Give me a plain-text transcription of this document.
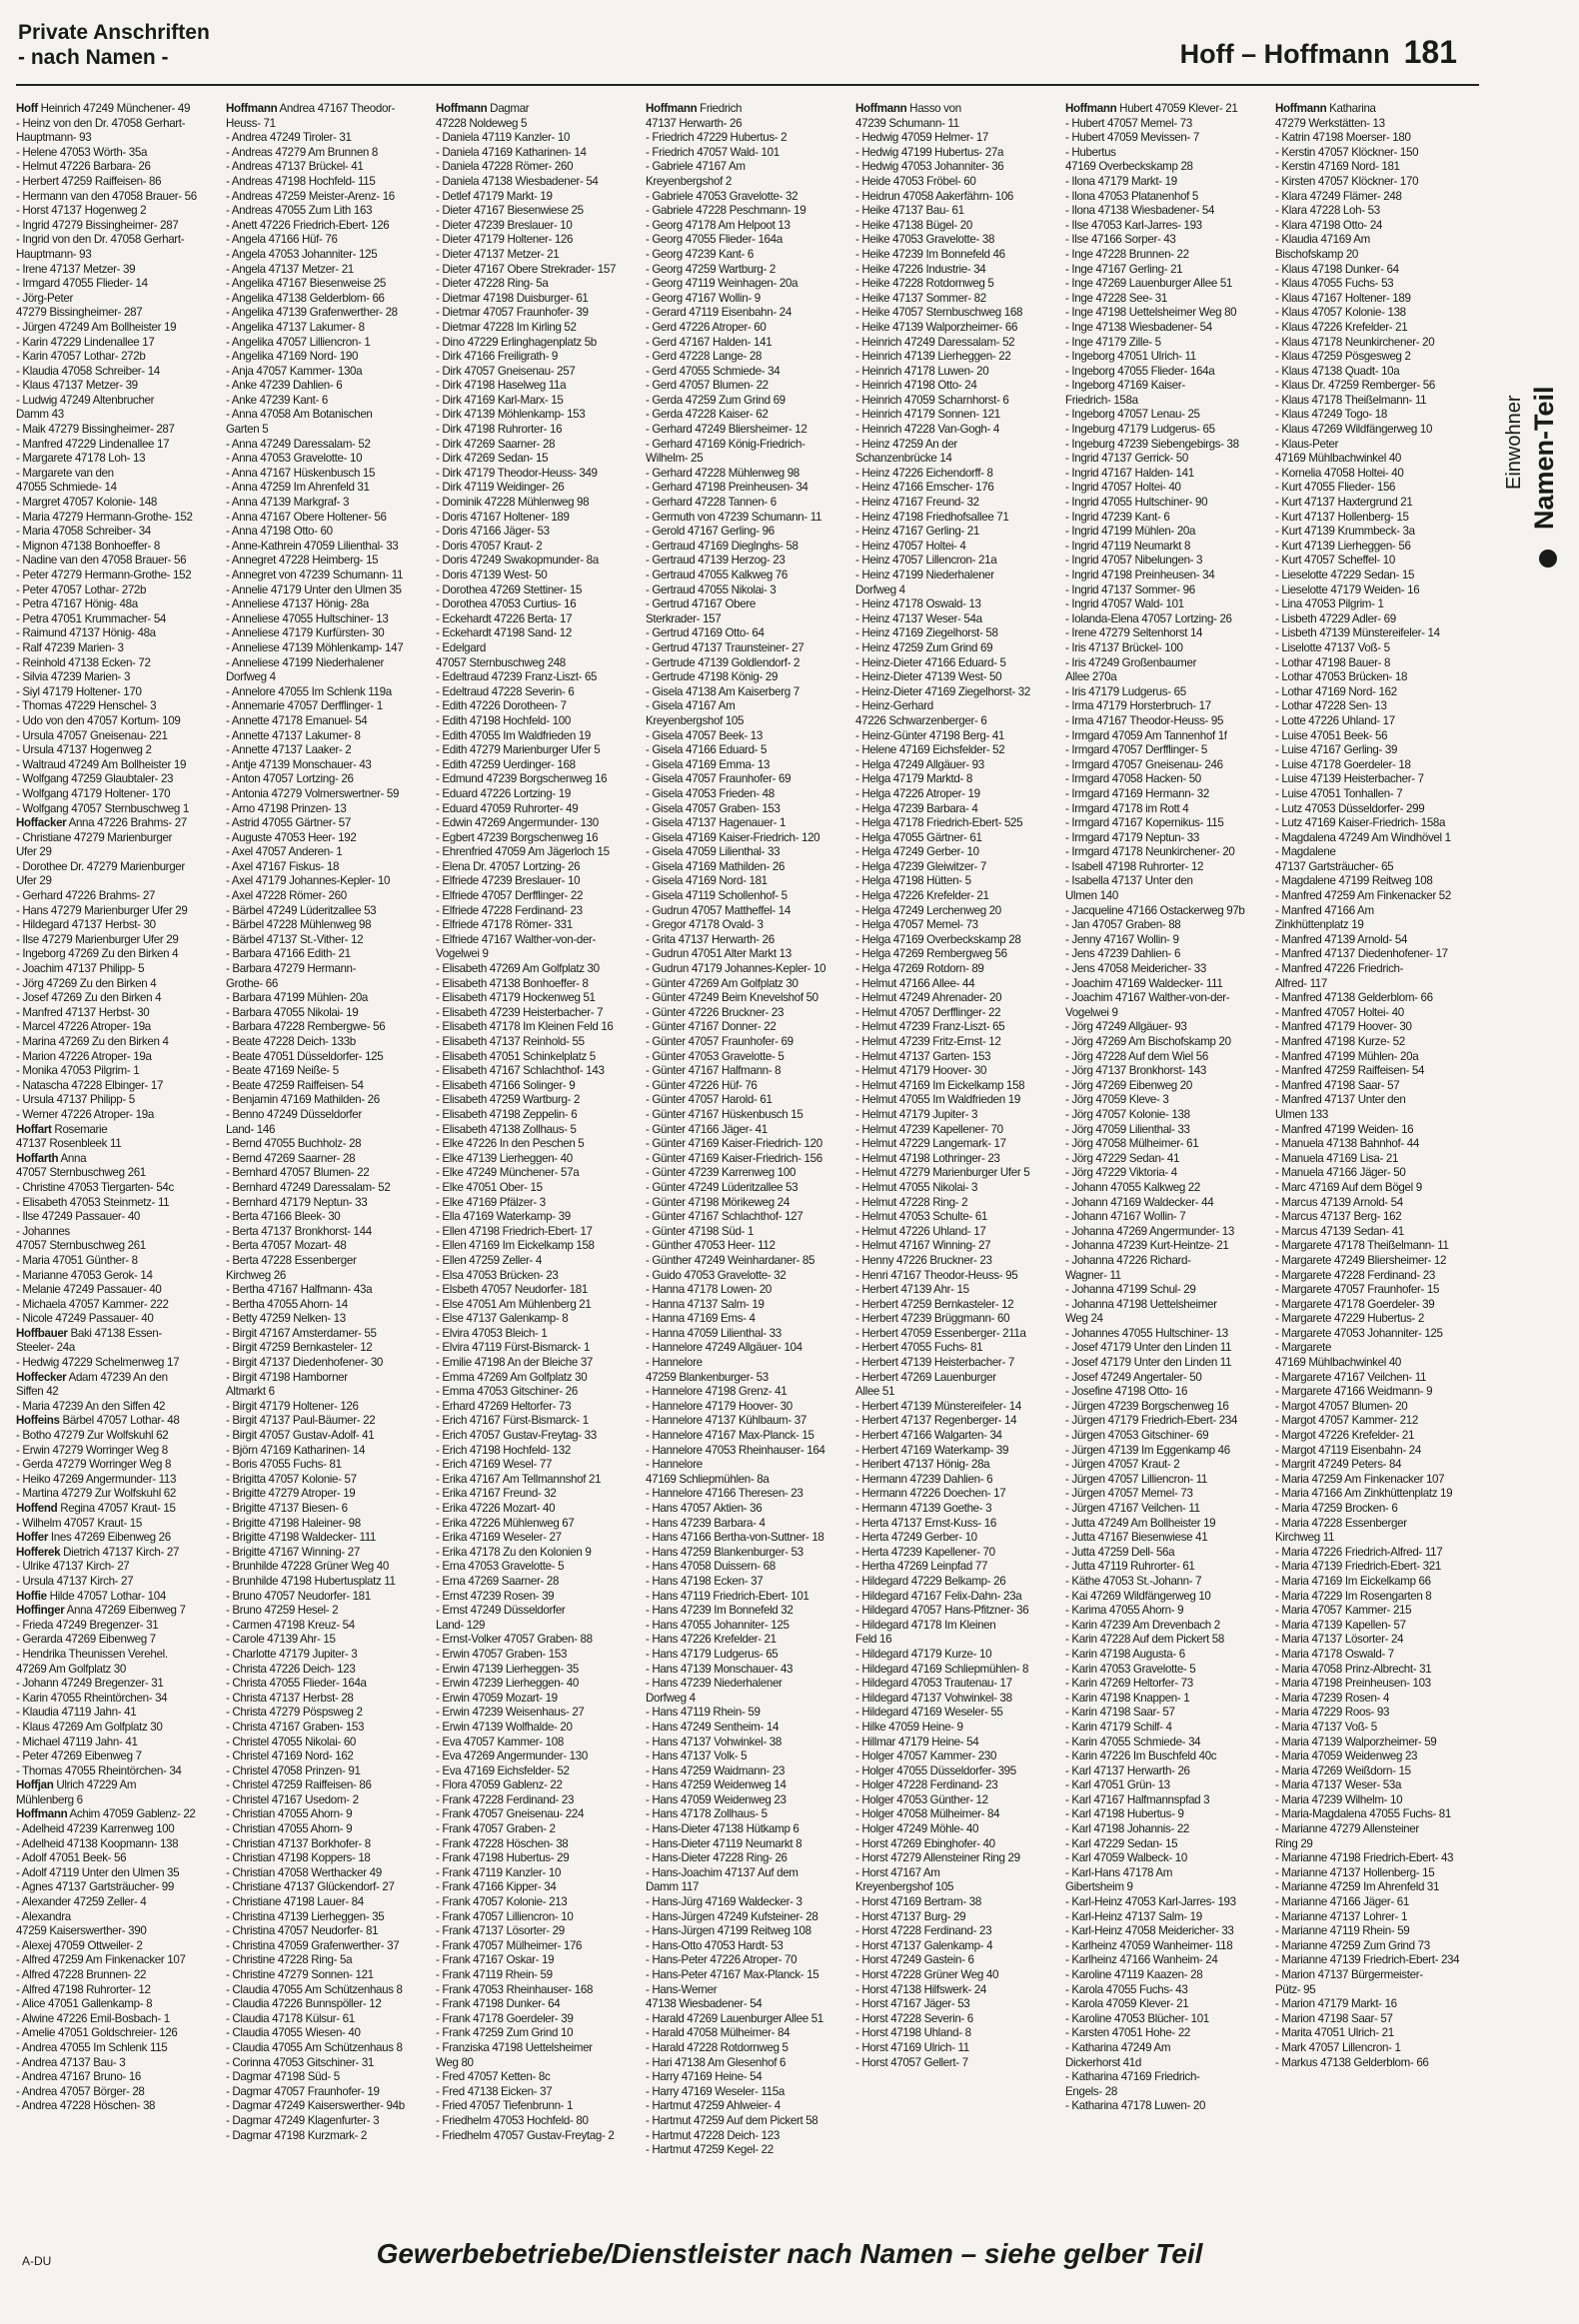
Private Anschriften
- nach Namen -	Hoff – Hoffmann 181
Hoff Heinrich 47249 Münchener- 49
- Heinz von den Dr. 47058 Gerhart-
Hauptmann- 93
- Helene 47053 Wörth- 35a
- Helmut 47226 Barbara- 26
- Herbert 47259 Raiffeisen- 86
- Hermann van den 47058 Brauer- 56
- Horst 47137 Hogenweg 2
- Ingrid 47279 Bissingheimer- 287
- Ingrid von den Dr. 47058 Gerhart-
Hauptmann- 93
- Irene 47137 Metzer- 39
- Irmgard 47055 Flieder- 14
- Jörg-Peter
47279 Bissingheimer- 287
- Jürgen 47249 Am Bollheister 19
- Karin 47229 Lindenallee 17
- Karin 47057 Lothar- 272b
- Klaudia 47058 Schreiber- 14
- Klaus 47137 Metzer- 39
- Ludwig 47249 Altenbrucher
Damm 43
- Maik 47279 Bissingheimer- 287
- Manfred 47229 Lindenallee 17
- Margarete 47178 Loh- 13
- Margarete van den
47055 Schmiede- 14
- Margret 47057 Kolonie- 148
- Maria 47279 Hermann-Grothe- 152
- Maria 47058 Schreiber- 34
- Mignon 47138 Bonhoeffer- 8
- Nadine van den 47058 Brauer- 56
- Peter 47279 Hermann-Grothe- 152
- Peter 47057 Lothar- 272b
- Petra 47167 Hönig- 48a
- Petra 47051 Krummacher- 54
- Raimund 47137 Hönig- 48a
- Ralf 47239 Marien- 3
- Reinhold 47138 Ecken- 72
- Silvia 47239 Marien- 3
- Siyl 47179 Holtener- 170
- Thomas 47229 Henschel- 3
- Udo von den 47057 Kortum- 109
- Ursula 47057 Gneisenau- 221
- Ursula 47137 Hogenweg 2
- Waltraud 47249 Am Bollheister 19
- Wolfgang 47259 Glaubtaler- 23
- Wolfgang 47179 Holtener- 170
- Wolfgang 47057 Sternbuschweg 1
Hoffacker Anna 47226 Brahms- 27
- Christiane 47279 Marienburger
Ufer 29
- Dorothee Dr. 47279 Marienburger
Ufer 29
- Gerhard 47226 Brahms- 27
- Hans 47279 Marienburger Ufer 29
- Hildegard 47137 Herbst- 30
- Ilse 47279 Marienburger Ufer 29
- Ingeborg 47269 Zu den Birken 4
- Joachim 47137 Philipp- 5
- Jörg 47269 Zu den Birken 4
- Josef 47269 Zu den Birken 4
- Manfred 47137 Herbst- 30
- Marcel 47226 Atroper- 19a
- Marina 47269 Zu den Birken 4
- Marion 47226 Atroper- 19a
- Monika 47053 Pilgrim- 1
- Natascha 47228 Elbinger- 17
- Ursula 47137 Philipp- 5
- Werner 47226 Atroper- 19a
Hoffart Rosemarie
47137 Rosenbleek 11
Hoffarth Anna
47057 Sternbuschweg 261
- Christine 47053 Tiergarten- 54c
- Elisabeth 47053 Steinmetz- 11
- Ilse 47249 Passauer- 40
- Johannes
47057 Sternbuschweg 261
- Maria 47051 Günther- 8
- Marianne 47053 Gerok- 14
- Melanie 47249 Passauer- 40
- Michaela 47057 Kammer- 222
- Nicole 47249 Passauer- 40
Hoffbauer Baki 47138 Essen-
Steeler- 24a
- Hedwig 47229 Schelmenweg 17
Hoffecker Adam 47239 An den
Siffen 42
- Maria 47239 An den Siffen 42
Hoffeins Bärbel 47057 Lothar- 48
- Botho 47279 Zur Wolfskuhl 62
- Erwin 47279 Worringer Weg 8
- Gerda 47279 Worringer Weg 8
- Heiko 47269 Angermunder- 113
- Martina 47279 Zur Wolfskuhl 62
Hoffend Regina 47057 Kraut- 15
- Wilhelm 47057 Kraut- 15
Hoffer Ines 47269 Eibenweg 26
Hofferek Dietrich 47137 Kirch- 27
- Ulrike 47137 Kirch- 27
- Ursula 47137 Kirch- 27
Hoffie Hilde 47057 Lothar- 104
Hoffinger Anna 47269 Eibenweg 7
- Frieda 47249 Bregenzer- 31
- Gerarda 47269 Eibenweg 7
- Hendrika Theunissen Verehel.
47269 Am Golfplatz 30
- Johann 47249 Bregenzer- 31
- Karin 47055 Rheintörchen- 34
- Klaudia 47119 Jahn- 41
- Klaus 47269 Am Golfplatz 30
- Michael 47119 Jahn- 41
- Peter 47269 Eibenweg 7
- Thomas 47055 Rheintörchen- 34
Hoffjan Ulrich 47229 Am
Mühlenberg 6
Hoffmann Achim 47059 Gablenz- 22
- Adelheid 47239 Karrenweg 100
- Adelheid 47138 Koopmann- 138
- Adolf 47051 Beek- 56
- Adolf 47119 Unter den Ulmen 35
- Agnes 47137 Gartsträucher- 99
- Alexander 47259 Zeller- 4
- Alexandra
47259 Kaiserswerther- 390
- Alexej 47059 Ottweiler- 2
- Alfred 47259 Am Finkenacker 107
- Alfred 47228 Brunnen- 22
- Alfred 47198 Ruhrorter- 12
- Alice 47051 Gallenkamp- 8
- Alwine 47226 Emil-Bosbach- 1
- Amelie 47051 Goldschreier- 126
- Andrea 47055 Im Schlenk 115
- Andrea 47137 Bau- 3
- Andrea 47167 Bruno- 16
- Andrea 47057 Börger- 28
- Andrea 47228 Höschen- 38
Hoffmann Andrea 47167 Theodor-
Heuss- 71
- Andrea 47249 Tiroler- 31
- Andreas 47279 Am Brunnen 8
- Andreas 47137 Brückel- 41
- Andreas 47198 Hochfeld- 115
- Andreas 47259 Meister-Arenz- 16
- Andreas 47055 Zum Lith 163
- Anett 47226 Friedrich-Ebert- 126
- Angela 47166 Hüf- 76
- Angela 47053 Johanniter- 125
- Angela 47137 Metzer- 21
- Angelika 47167 Biesenweise 25
- Angelika 47138 Gelderblom- 66
- Angelika 47139 Grafenwerther- 28
- Angelika 47137 Lakumer- 8
- Angelika 47057 Lilliencron- 1
- Angelika 47169 Nord- 190
- Anja 47057 Kammer- 130a
- Anke 47239 Dahlien- 6
- Anke 47239 Kant- 6
- Anna 47058 Am Botanischen
Garten 5
- Anna 47249 Daressalam- 52
- Anna 47053 Gravelotte- 10
- Anna 47167 Hüskenbusch 15
- Anna 47259 Im Ahrenfeld 31
- Anna 47139 Markgraf- 3
- Anna 47167 Obere Holtener- 56
- Anna 47198 Otto- 60
- Anne-Kathrein 47059 Lilienthal- 33
- Annegret 47228 Heimberg- 15
- Annegret von 47239 Schumann- 11
- Annelie 47179 Unter den Ulmen 35
- Anneliese 47137 Hönig- 28a
- Anneliese 47055 Hultschiner- 13
- Anneliese 47179 Kurfürsten- 30
- Anneliese 47139 Möhlenkamp- 147
- Anneliese 47199 Niederhalener
Dorfweg 4
- Annelore 47055 Im Schlenk 119a
- Annemarie 47057 Derfflinger- 1
- Annette 47178 Emanuel- 54
- Annette 47137 Lakumer- 8
- Annette 47137 Laaker- 2
- Antje 47139 Monschauer- 43
- Anton 47057 Lortzing- 26
- Antonia 47279 Volmerswertner- 59
- Arno 47198 Prinzen- 13
- Astrid 47055 Gärtner- 57
- Auguste 47053 Heer- 192
- Axel 47057 Anderen- 1
- Axel 47167 Fiskus- 18
- Axel 47179 Johannes-Kepler- 10
- Axel 47228 Römer- 260
- Bärbel 47249 Lüderitzallee 53
- Bärbel 47228 Mühlenweg 98
- Bärbel 47137 St.-Vither- 12
- Barbara 47166 Edith- 21
- Barbara 47279 Hermann-
Grothe- 66
- Barbara 47199 Mühlen- 20a
- Barbara 47055 Nikolai- 19
- Barbara 47228 Rembergwe- 56
- Beate 47228 Deich- 133b
- Beate 47051 Düsseldorfer- 125
- Beate 47169 Neiße- 5
- Beate 47259 Raiffeisen- 54
- Benjamin 47169 Mathilden- 26
- Benno 47249 Düsseldorfer
Land- 146
- Bernd 47055 Buchholz- 28
- Bernd 47269 Saarner- 28
- Bernhard 47057 Blumen- 22
- Bernhard 47249 Daressalam- 52
- Bernhard 47179 Neptun- 33
- Berta 47166 Bleek- 30
- Berta 47137 Bronkhorst- 144
- Berta 47057 Mozart- 48
- Berta 47228 Essenberger
Kirchweg 26
- Bertha 47167 Halfmann- 43a
- Bertha 47055 Ahorn- 14
- Betty 47259 Nelken- 13
- Birgit 47167 Amsterdamer- 55
- Birgit 47259 Bernkasteler- 12
- Birgit 47137 Diedenhofener- 30
- Birgit 47198 Hamborner
Altmarkt 6
- Birgit 47179 Holtener- 126
- Birgit 47137 Paul-Bäumer- 22
- Birgit 47057 Gustav-Adolf- 41
- Björn 47169 Katharinen- 14
- Boris 47055 Fuchs- 81
- Brigitta 47057 Kolonie- 57
- Brigitte 47279 Atroper- 19
- Brigitte 47137 Biesen- 6
- Brigitte 47198 Haleiner- 98
- Brigitte 47198 Waldecker- 111
- Brigitte 47167 Winning- 27
- Brunhilde 47228 Grüner Weg 40
- Brunhilde 47198 Hubertusplatz 11
- Bruno 47057 Neudorfer- 181
- Bruno 47259 Hesel- 2
- Carmen 47198 Kreuz- 54
- Carole 47139 Ahr- 15
- Charlotte 47179 Jupiter- 3
- Christa 47226 Deich- 123
- Christa 47055 Flieder- 164a
- Christa 47137 Herbst- 28
- Christa 47279 Pöspsweg 2
- Christa 47167 Graben- 153
- Christel 47055 Nikolai- 60
- Christel 47169 Nord- 162
- Christel 47058 Prinzen- 91
- Christel 47259 Raiffeisen- 86
- Christel 47167 Usedom- 2
- Christian 47055 Ahorn- 9
- Christian 47055 Ahorn- 9
- Christian 47137 Borkhofer- 8
- Christian 47198 Koppers- 18
- Christian 47058 Werthacker 49
- Christiane 47137 Glückendorf- 27
- Christiane 47198 Lauer- 84
- Christina 47139 Lierheggen- 35
- Christina 47057 Neudorfer- 81
- Christina 47059 Grafenwerther- 37
- Christine 47228 Ring- 5a
- Christine 47279 Sonnen- 121
- Claudia 47055 Am Schützenhaus 8
- Claudia 47226 Bunnspöller- 12
- Claudia 47178 Külsur- 61
- Claudia 47055 Wiesen- 40
- Claudia 47055 Am Schützenhaus 8
- Corinna 47053 Gitschiner- 31
- Dagmar 47198 Süd- 5
- Dagmar 47057 Fraunhofer- 19
- Dagmar 47249 Kaiserswerther- 94b
- Dagmar 47249 Klagenfurter- 3
- Dagmar 47198 Kurzmark- 2
Hoffmann Dagmar
47228 Noldeweg 5
- Daniela 47119 Kanzler- 10
- Daniela 47169 Katharinen- 14
- Daniela 47228 Römer- 260
- Daniela 47138 Wiesbadener- 54
- Detlef 47179 Markt- 19
- Dieter 47167 Biesenwiese 25
- Dieter 47239 Breslauer- 10
- Dieter 47179 Holtener- 126
- Dieter 47137 Metzer- 21
- Dieter 47167 Obere Strekrader- 157
- Dieter 47228 Ring- 5a
- Dietmar 47198 Duisburger- 61
- Dietmar 47057 Fraunhofer- 39
- Dietmar 47228 Im Kirling 52
- Dino 47229 Erlinghagenplatz 5b
- Dirk 47166 Freiligrath- 9
- Dirk 47057 Gneisenau- 257
- Dirk 47198 Haselweg 11a
- Dirk 47169 Karl-Marx- 15
- Dirk 47139 Möhlenkamp- 153
- Dirk 47198 Ruhrorter- 16
- Dirk 47269 Saarner- 28
- Dirk 47269 Sedan- 15
- Dirk 47179 Theodor-Heuss- 349
- Dirk 47119 Weidinger- 26
- Dominik 47228 Mühlenweg 98
- Doris 47167 Holtener- 189
- Doris 47166 Jäger- 53
- Doris 47057 Kraut- 2
- Doris 47249 Swakopmunder- 8a
- Doris 47139 West- 50
- Dorothea 47269 Stettiner- 15
- Dorothea 47053 Curtius- 16
- Eckehardt 47226 Berta- 17
- Eckehardt 47198 Sand- 12
- Edelgard
47057 Sternbuschweg 248
- Edeltraud 47239 Franz-Liszt- 65
- Edeltraud 47228 Severin- 6
- Edith 47226 Dorotheen- 7
- Edith 47198 Hochfeld- 100
- Edith 47055 Im Waldfrieden 19
- Edith 47279 Marienburger Ufer 5
- Edith 47259 Uerdinger- 168
- Edmund 47239 Borgschenweg 16
- Eduard 47226 Lortzing- 19
- Eduard 47059 Ruhrorter- 49
- Edwin 47269 Angermunder- 130
- Egbert 47239 Borgschenweg 16
- Ehrenfried 47059 Am Jägerloch 15
- Elena Dr. 47057 Lortzing- 26
- Elfriede 47239 Breslauer- 10
- Elfriede 47057 Derfflinger- 22
- Elfriede 47228 Ferdinand- 23
- Elfriede 47178 Römer- 331
- Elfriede 47167 Walther-von-der-
Vogelwei 9
- Elisabeth 47269 Am Golfplatz 30
- Elisabeth 47138 Bonhoeffer- 8
- Elisabeth 47179 Hockenweg 51
- Elisabeth 47239 Heisterbacher- 7
- Elisabeth 47178 Im Kleinen Feld 16
- Elisabeth 47137 Reinhold- 55
- Elisabeth 47051 Schinkelplatz 5
- Elisabeth 47167 Schlachthof- 143
- Elisabeth 47166 Solinger- 9
- Elisabeth 47259 Wartburg- 2
- Elisabeth 47198 Zeppelin- 6
- Elisabeth 47138 Zollhaus- 5
- Elke 47226 In den Peschen 5
- Elke 47139 Lierheggen- 40
- Elke 47249 Münchener- 57a
- Elke 47051 Ober- 15
- Elke 47169 Pfälzer- 3
- Ella 47169 Waterkamp- 39
- Ellen 47198 Friedrich-Ebert- 17
- Ellen 47169 Im Eickelkamp 158
- Ellen 47259 Zeller- 4
- Elsa 47053 Brücken- 23
- Elsbeth 47057 Neudorfer- 181
- Else 47051 Am Mühlenberg 21
- Else 47137 Galenkamp- 8
- Elvira 47053 Bleich- 1
- Elvira 47119 Fürst-Bismarck- 1
- Emilie 47198 An der Bleiche 37
- Emma 47269 Am Golfplatz 30
- Emma 47053 Gitschiner- 26
- Erhard 47269 Heltorfer- 73
- Erich 47167 Fürst-Bismarck- 1
- Erich 47057 Gustav-Freytag- 33
- Erich 47198 Hochfeld- 132
- Erich 47169 Wesel- 77
- Erika 47167 Am Tellmannshof 21
- Erika 47167 Freund- 32
- Erika 47226 Mozart- 40
- Erika 47226 Mühlenweg 67
- Erika 47169 Weseler- 27
- Erika 47178 Zu den Kolonien 9
- Erna 47053 Gravelotte- 5
- Erna 47269 Saarner- 28
- Ernst 47239 Rosen- 39
- Ernst 47249 Düsseldorfer
Land- 129
- Ernst-Volker 47057 Graben- 88
- Erwin 47057 Graben- 153
- Erwin 47139 Lierheggen- 35
- Erwin 47239 Lierheggen- 40
- Erwin 47059 Mozart- 19
- Erwin 47239 Weisenhaus- 27
- Erwin 47139 Wolfhalde- 20
- Eva 47057 Kammer- 108
- Eva 47269 Angermunder- 130
- Eva 47169 Eichsfelder- 52
- Flora 47059 Gablenz- 22
- Frank 47228 Ferdinand- 23
- Frank 47057 Gneisenau- 224
- Frank 47057 Graben- 2
- Frank 47228 Höschen- 38
- Frank 47198 Hubertus- 29
- Frank 47119 Kanzler- 10
- Frank 47166 Kipper- 34
- Frank 47057 Kolonie- 213
- Frank 47057 Lilliencron- 10
- Frank 47137 Lösorter- 29
- Frank 47057 Mülheimer- 176
- Frank 47167 Oskar- 19
- Frank 47119 Rhein- 59
- Frank 47053 Rheinhauser- 168
- Frank 47198 Dunker- 64
- Frank 47178 Goerdeler- 39
- Frank 47259 Zum Grind 10
- Franziska 47198 Uettelsheimer
Weg 80
- Fred 47057 Ketten- 8c
- Fred 47138 Eicken- 37
- Fried 47057 Tiefenbrunn- 1
- Friedhelm 47053 Hochfeld- 80
- Friedhelm 47057 Gustav-Freytag- 2
Hoffmann Friedrich
47137 Herwarth- 26
- Friedrich 47229 Hubertus- 2
- Friedrich 47057 Wald- 101
- Gabriele 47167 Am
Kreyenbergshof 2
- Gabriele 47053 Gravelotte- 32
- Gabriele 47228 Peschmann- 19
- Georg 47178 Am Helpoot 13
- Georg 47055 Flieder- 164a
- Georg 47239 Kant- 6
- Georg 47259 Wartburg- 2
- Georg 47119 Weinhagen- 20a
- Georg 47167 Wollin- 9
- Gerard 47119 Eisenbahn- 24
- Gerd 47226 Atroper- 60
- Gerd 47167 Halden- 141
- Gerd 47228 Lange- 28
- Gerd 47055 Schmiede- 34
- Gerd 47057 Blumen- 22
- Gerda 47259 Zum Grind 69
- Gerda 47228 Kaiser- 62
- Gerhard 47249 Bliersheimer- 12
- Gerhard 47169 König-Friedrich-
Wilhelm- 25
- Gerhard 47228 Mühlenweg 98
- Gerhard 47198 Preinheusen- 34
- Gerhard 47228 Tannen- 6
- Germuth von 47239 Schumann- 11
- Gerold 47167 Gerling- 96
- Gertraud 47169 Dieglnghs- 58
- Gertraud 47139 Herzog- 23
- Gertraud 47055 Kalkweg 76
- Gertraud 47055 Nikolai- 3
- Gertrud 47167 Obere
Sterkrader- 157
- Gertrud 47169 Otto- 64
- Gertrud 47137 Traunsteiner- 27
- Gertrude 47139 Goldlendorf- 2
- Gertrude 47198 König- 29
- Gisela 47138 Am Kaiserberg 7
- Gisela 47167 Am
Kreyenbergshof 105
- Gisela 47057 Beek- 13
- Gisela 47166 Eduard- 5
- Gisela 47169 Emma- 13
- Gisela 47057 Fraunhofer- 69
- Gisela 47053 Frieden- 48
- Gisela 47057 Graben- 153
- Gisela 47137 Hagenauer- 1
- Gisela 47169 Kaiser-Friedrich- 120
- Gisela 47059 Lilienthal- 33
- Gisela 47169 Mathilden- 26
- Gisela 47169 Nord- 181
- Gisela 47119 Schollenhof- 5
- Gudrun 47057 Mattheffel- 14
- Gregor 47178 Ovald- 3
- Grita 47137 Herwarth- 26
- Gudrun 47051 Alter Markt 13
- Gudrun 47179 Johannes-Kepler- 10
- Günter 47269 Am Golfplatz 30
- Günter 47249 Beim Knevelshof 50
- Günter 47226 Bruckner- 23
- Günter 47167 Donner- 22
- Günter 47057 Fraunhofer- 69
- Günter 47053 Gravelotte- 5
- Günter 47167 Halfmann- 8
- Günter 47226 Hüf- 76
- Günter 47057 Harold- 61
- Günter 47167 Hüskenbusch 15
- Günter 47166 Jäger- 41
- Günter 47169 Kaiser-Friedrich- 120
- Günter 47169 Kaiser-Friedrich- 156
- Günter 47239 Karrenweg 100
- Günter 47249 Lüderitzallee 53
- Günter 47198 Mörikeweg 24
- Günter 47167 Schlachthof- 127
- Günter 47198 Süd- 1
- Günther 47053 Heer- 112
- Günther 47249 Weinhardaner- 85
- Guido 47053 Gravelotte- 32
- Hanna 47178 Lowen- 20
- Hanna 47137 Salm- 19
- Hanna 47169 Ems- 4
- Hanna 47059 Lilienthal- 33
- Hannelore 47249 Allgäuer- 104
- Hannelore
47259 Blankenburger- 53
- Hannelore 47198 Grenz- 41
- Hannelore 47179 Hoover- 30
- Hannelore 47137 Kühlbaum- 37
- Hannelore 47167 Max-Planck- 15
- Hannelore 47053 Rheinhauser- 164
- Hannelore
47169 Schliepmühlen- 8a
- Hannelore 47166 Theresen- 23
- Hans 47057 Aktien- 36
- Hans 47239 Barbara- 4
- Hans 47166 Bertha-von-Suttner- 18
- Hans 47259 Blankenburger- 53
- Hans 47058 Duissern- 68
- Hans 47198 Ecken- 37
- Hans 47119 Friedrich-Ebert- 101
- Hans 47239 Im Bonnefeld 32
- Hans 47055 Johanniter- 125
- Hans 47226 Krefelder- 21
- Hans 47179 Ludgerus- 65
- Hans 47139 Monschauer- 43
- Hans 47239 Niederhalener
Dorfweg 4
- Hans 47119 Rhein- 59
- Hans 47249 Sentheim- 14
- Hans 47137 Vohwinkel- 38
- Hans 47137 Volk- 5
- Hans 47259 Waidmann- 23
- Hans 47259 Weidenweg 14
- Hans 47059 Weidenweg 23
- Hans 47178 Zollhaus- 5
- Hans-Dieter 47138 Hütkamp 6
- Hans-Dieter 47119 Neumarkt 8
- Hans-Dieter 47228 Ring- 26
- Hans-Joachim 47137 Auf dem
Damm 117
- Hans-Jürg 47169 Waldecker- 3
- Hans-Jürgen 47249 Kufsteiner- 28
- Hans-Jürgen 47199 Reitweg 108
- Hans-Otto 47053 Hardt- 53
- Hans-Peter 47226 Atroper- 70
- Hans-Peter 47167 Max-Planck- 15
- Hans-Werner
47138 Wiesbadener- 54
- Harald 47269 Lauenburger Allee 51
- Harald 47058 Mülheimer- 84
- Harald 47228 Rotdornweg 5
- Hari 47138 Am Glesenhof 6
- Harry 47169 Heine- 54
- Harry 47169 Weseler- 115a
- Hartmut 47259 Ahlweier- 4
- Hartmut 47259 Auf dem Pickert 58
- Hartmut 47228 Deich- 123
- Hartmut 47259 Kegel- 22
Hoffmann Hasso von
47239 Schumann- 11
- Hedwig 47059 Helmer- 17
- Hedwig 47199 Hubertus- 27a
- Hedwig 47053 Johanniter- 36
- Heide 47053 Fröbel- 60
- Heidrun 47058 Aakerfährn- 106
- Heike 47137 Bau- 61
- Heike 47138 Bügel- 20
- Heike 47053 Gravelotte- 38
- Heike 47239 Im Bonnefeld 46
- Heike 47226 Industrie- 34
- Heike 47228 Rotdornweg 5
- Heike 47137 Sommer- 82
- Heike 47057 Sternbuschweg 168
- Heike 47139 Walporzheimer- 66
- Heinrich 47249 Daressalam- 52
- Heinrich 47139 Lierheggen- 22
- Heinrich 47178 Luwen- 20
- Heinrich 47198 Otto- 24
- Heinrich 47059 Scharnhorst- 6
- Heinrich 47179 Sonnen- 121
- Heinrich 47228 Van-Gogh- 4
- Heinz 47259 An der
Schanzenbrücke 14
- Heinz 47226 Eichendorff- 8
- Heinz 47166 Emscher- 176
- Heinz 47167 Freund- 32
- Heinz 47198 Friedhofsallee 71
- Heinz 47167 Gerling- 21
- Heinz 47057 Holtei- 4
- Heinz 47057 Lillencron- 21a
- Heinz 47199 Niederhalener
Dorfweg 4
- Heinz 47178 Oswald- 13
- Heinz 47137 Weser- 54a
- Heinz 47169 Ziegelhorst- 58
- Heinz 47259 Zum Grind 69
- Heinz-Dieter 47166 Eduard- 5
- Heinz-Dieter 47139 West- 50
- Heinz-Dieter 47169 Ziegelhorst- 32
- Heinz-Gerhard
47226 Schwarzenberger- 6
- Heinz-Günter 47198 Berg- 41
- Helene 47169 Eichsfelder- 52
- Helga 47249 Allgäuer- 93
- Helga 47179 Marktd- 8
- Helga 47226 Atroper- 19
- Helga 47239 Barbara- 4
- Helga 47178 Friedrich-Ebert- 525
- Helga 47055 Gärtner- 61
- Helga 47249 Gerber- 10
- Helga 47239 Gleiwitzer- 7
- Helga 47198 Hütten- 5
- Helga 47226 Krefelder- 21
- Helga 47249 Lerchenweg 20
- Helga 47057 Memel- 73
- Helga 47169 Overbeckskamp 28
- Helga 47269 Rembergweg 56
- Helga 47269 Rotdorn- 89
- Helmut 47166 Allee- 44
- Helmut 47249 Ahrenader- 20
- Helmut 47057 Derfflinger- 22
- Helmut 47239 Franz-Liszt- 65
- Helmut 47239 Fritz-Ernst- 12
- Helmut 47137 Garten- 153
- Helmut 47179 Hoover- 30
- Helmut 47169 Im Eickelkamp 158
- Helmut 47055 Im Waldfrieden 19
- Helmut 47179 Jupiter- 3
- Helmut 47239 Kapellener- 70
- Helmut 47229 Langemark- 17
- Helmut 47198 Lothringer- 23
- Helmut 47279 Marienburger Ufer 5
- Helmut 47055 Nikolai- 3
- Helmut 47228 Ring- 2
- Helmut 47053 Schulte- 61
- Helmut 47226 Uhland- 17
- Helmut 47167 Winning- 27
- Henny 47226 Bruckner- 23
- Henri 47167 Theodor-Heuss- 95
- Herbert 47139 Ahr- 15
- Herbert 47259 Bernkasteler- 12
- Herbert 47239 Brüggmann- 60
- Herbert 47059 Essenberger- 211a
- Herbert 47055 Fuchs- 81
- Herbert 47139 Heisterbacher- 7
- Herbert 47269 Lauenburger
Allee 51
- Herbert 47139 Münstereifeler- 14
- Herbert 47137 Regenberger- 14
- Herbert 47166 Walgarten- 34
- Herbert 47169 Waterkamp- 39
- Heribert 47137 Hönig- 28a
- Hermann 47239 Dahlien- 6
- Hermann 47226 Doechen- 17
- Hermann 47139 Goethe- 3
- Herta 47137 Ernst-Kuss- 16
- Herta 47249 Gerber- 10
- Herta 47239 Kapellener- 70
- Hertha 47269 Leinpfad 77
- Hildegard 47229 Belkamp- 26
- Hildegard 47167 Felix-Dahn- 23a
- Hildegard 47057 Hans-Pfitzner- 36
- Hildegard 47178 Im Kleinen
Feld 16
- Hildegard 47179 Kurze- 10
- Hildegard 47169 Schliepmühlen- 8
- Hildegard 47053 Trautenau- 17
- Hildegard 47137 Vohwinkel- 38
- Hildegard 47169 Weseler- 55
- Hilke 47059 Heine- 9
- Hillmar 47179 Heine- 54
- Holger 47057 Kammer- 230
- Holger 47055 Düsseldorfer- 395
- Holger 47228 Ferdinand- 23
- Holger 47053 Günther- 12
- Holger 47058 Mülheimer- 84
- Holger 47249 Möhle- 40
- Horst 47269 Ebinghofer- 40
- Horst 47279 Allensteiner Ring 29
- Horst 47167 Am
Kreyenbergshof 105
- Horst 47169 Bertram- 38
- Horst 47137 Burg- 29
- Horst 47228 Ferdinand- 23
- Horst 47137 Galenkamp- 4
- Horst 47249 Gastein- 6
- Horst 47228 Grüner Weg 40
- Horst 47138 Hilfswerk- 24
- Horst 47167 Jäger- 53
- Horst 47228 Severin- 6
- Horst 47198 Uhland- 8
- Horst 47169 Ulrich- 11
- Horst 47057 Gellert- 7
Hoffmann Hubert 47059 Klever- 21
- Hubert 47057 Memel- 73
- Hubert 47059 Mevissen- 7
- Hubertus
47169 Overbeckskamp 28
- Ilona 47179 Markt- 19
- Ilona 47053 Platanenhof 5
- Ilona 47138 Wiesbadener- 54
- Ilse 47053 Karl-Jarres- 193
- Ilse 47166 Sorper- 43
- Inge 47228 Brunnen- 22
- Inge 47167 Gerling- 21
- Inge 47269 Lauenburger Allee 51
- Inge 47228 See- 31
- Inge 47198 Uettelsheimer Weg 80
- Inge 47138 Wiesbadener- 54
- Inge 47179 Zille- 5
- Ingeborg 47051 Ulrich- 11
- Ingeborg 47055 Flieder- 164a
- Ingeborg 47169 Kaiser-
Friedrich- 158a
- Ingeborg 47057 Lenau- 25
- Ingeburg 47179 Ludgerus- 65
- Ingeburg 47239 Siebengebirgs- 38
- Ingrid 47137 Gerrick- 50
- Ingrid 47167 Halden- 141
- Ingrid 47057 Holtei- 40
- Ingrid 47055 Hultschiner- 90
- Ingrid 47239 Kant- 6
- Ingrid 47199 Mühlen- 20a
- Ingrid 47119 Neumarkt 8
- Ingrid 47057 Nibelungen- 3
- Ingrid 47198 Preinheusen- 34
- Ingrid 47137 Sommer- 96
- Ingrid 47057 Wald- 101
- Iolanda-Elena 47057 Lortzing- 26
- Irene 47279 Seltenhorst 14
- Iris 47137 Brückel- 100
- Iris 47249 Großenbaumer
Allee 270a
- Iris 47179 Ludgerus- 65
- Irma 47179 Horsterbruch- 17
- Irma 47167 Theodor-Heuss- 95
- Irmgard 47059 Am Tannenhof 1f
- Irmgard 47057 Derfflinger- 5
- Irmgard 47057 Gneisenau- 246
- Irmgard 47058 Hacken- 50
- Irmgard 47169 Hermann- 32
- Irmgard 47178 im Rott 4
- Irmgard 47167 Kopernikus- 115
- Irmgard 47179 Neptun- 33
- Irmgard 47178 Neunkirchener- 20
- Isabell 47198 Ruhrorter- 12
- Isabella 47137 Unter den
Ulmen 140
- Jacqueline 47166 Ostackerweg 97b
- Jan 47057 Graben- 88
- Jenny 47167 Wollin- 9
- Jens 47239 Dahlien- 6
- Jens 47058 Meidericher- 33
- Joachim 47169 Waldecker- 111
- Joachim 47167 Walther-von-der-
Vogelwei 9
- Jörg 47249 Allgäuer- 93
- Jörg 47269 Am Bischofskamp 20
- Jörg 47228 Auf dem Wiel 56
- Jörg 47137 Bronkhorst- 143
- Jörg 47269 Eibenweg 20
- Jörg 47059 Kleve- 3
- Jörg 47057 Kolonie- 138
- Jörg 47059 Lilienthal- 33
- Jörg 47058 Mülheimer- 61
- Jörg 47229 Sedan- 41
- Jörg 47229 Viktoria- 4
- Johann 47055 Kalkweg 22
- Johann 47169 Waldecker- 44
- Johann 47167 Wollin- 7
- Johanna 47269 Angermunder- 13
- Johanna 47239 Kurt-Heintze- 21
- Johanna 47226 Richard-
Wagner- 11
- Johanna 47199 Schul- 29
- Johanna 47198 Uettelsheimer
Weg 24
- Johannes 47055 Hultschiner- 13
- Josef 47179 Unter den Linden 11
- Josef 47179 Unter den Linden 11
- Josef 47249 Angertaler- 50
- Josefine 47198 Otto- 16
- Jürgen 47239 Borgschenweg 16
- Jürgen 47179 Friedrich-Ebert- 234
- Jürgen 47053 Gitschiner- 69
- Jürgen 47139 Im Eggenkamp 46
- Jürgen 47057 Kraut- 2
- Jürgen 47057 Lilliencron- 11
- Jürgen 47057 Memel- 73
- Jürgen 47167 Veilchen- 11
- Jutta 47249 Am Bollheister 19
- Jutta 47167 Biesenwiese 41
- Jutta 47259 Dell- 56a
- Jutta 47119 Ruhrorter- 61
- Käthe 47053 St.-Johann- 7
- Kai 47269 Wildfängerweg 10
- Karima 47055 Ahorn- 9
- Karin 47239 Am Drevenbach 2
- Karin 47228 Auf dem Pickert 58
- Karin 47198 Augusta- 6
- Karin 47053 Gravelotte- 5
- Karin 47269 Heltorfer- 73
- Karin 47198 Knappen- 1
- Karin 47198 Saar- 57
- Karin 47179 Schilf- 4
- Karin 47055 Schmiede- 34
- Karin 47226 Im Buschfeld 40c
- Karl 47137 Herwarth- 26
- Karl 47051 Grün- 13
- Karl 47167 Halfmannspfad 3
- Karl 47198 Hubertus- 9
- Karl 47198 Johannis- 22
- Karl 47229 Sedan- 15
- Karl 47059 Walbeck- 10
- Karl-Hans 47178 Am
Gibertsheim 9
- Karl-Heinz 47053 Karl-Jarres- 193
- Karl-Heinz 47137 Salm- 19
- Karl-Heinz 47058 Meidericher- 33
- Karlheinz 47059 Wanheimer- 118
- Karlheinz 47166 Wanheim- 24
- Karoline 47119 Kaazen- 28
- Karola 47055 Fuchs- 43
- Karola 47059 Klever- 21
- Karoline 47053 Blücher- 101
- Karsten 47051 Hohe- 22
- Katharina 47249 Am
Dickerhorst 41d
- Katharina 47169 Friedrich-
Engels- 28
- Katharina 47178 Luwen- 20
Hoffmann Katharina
47279 Werkstätten- 13
- Katrin 47198 Moerser- 180
- Kerstin 47057 Klöckner- 150
- Kerstin 47169 Nord- 181
- Kirsten 47057 Klöckner- 170
- Klara 47249 Flämer- 248
- Klara 47228 Loh- 53
- Klara 47198 Otto- 24
- Klaudia 47169 Am
Bischofskamp 20
- Klaus 47198 Dunker- 64
- Klaus 47055 Fuchs- 53
- Klaus 47167 Holtener- 189
- Klaus 47057 Kolonie- 138
- Klaus 47226 Krefelder- 21
- Klaus 47178 Neunkirchener- 20
- Klaus 47259 Pösgesweg 2
- Klaus 47138 Quadt- 10a
- Klaus Dr. 47259 Remberger- 56
- Klaus 47178 Theißelmann- 11
- Klaus 47249 Togo- 18
- Klaus 47269 Wildfängerweg 10
- Klaus-Peter
47169 Mühlbachwinkel 40
- Kornelia 47058 Holtei- 40
- Kurt 47055 Flieder- 156
- Kurt 47137 Haxtergrund 21
- Kurt 47137 Hollenberg- 15
- Kurt 47139 Krummbeck- 3a
- Kurt 47139 Lierheggen- 56
- Kurt 47057 Scheffel- 10
- Lieselotte 47229 Sedan- 15
- Lieselotte 47179 Weiden- 16
- Lina 47053 Pilgrim- 1
- Lisbeth 47229 Adler- 69
- Lisbeth 47139 Münstereifeler- 14
- Liselotte 47137 Voß- 5
- Lothar 47198 Bauer- 8
- Lothar 47053 Brücken- 18
- Lothar 47169 Nord- 162
- Lothar 47228 Sen- 13
- Lotte 47226 Uhland- 17
- Luise 47051 Beek- 56
- Luise 47167 Gerling- 39
- Luise 47178 Goerdeler- 18
- Luise 47139 Heisterbacher- 7
- Luise 47051 Tonhallen- 7
- Lutz 47053 Düsseldorfer- 299
- Lutz 47169 Kaiser-Friedrich- 158a
- Magdalena 47249 Am Windhövel 1
- Magdalene
47137 Gartsträucher- 65
- Magdalene 47199 Reitweg 108
- Manfred 47259 Am Finkenacker 52
- Manfred 47166 Am
Zinkhüttenplatz 19
- Manfred 47139 Arnold- 54
- Manfred 47137 Diedenhofener- 17
- Manfred 47226 Friedrich-
Alfred- 117
- Manfred 47138 Gelderblom- 66
- Manfred 47057 Holtei- 40
- Manfred 47179 Hoover- 30
- Manfred 47198 Kurze- 52
- Manfred 47199 Mühlen- 20a
- Manfred 47259 Raiffeisen- 54
- Manfred 47198 Saar- 57
- Manfred 47137 Unter den
Ulmen 133
- Manfred 47199 Weiden- 16
- Manuela 47138 Bahnhof- 44
- Manuela 47169 Lisa- 21
- Manuela 47166 Jäger- 50
- Marc 47169 Auf dem Bögel 9
- Marcus 47139 Arnold- 54
- Marcus 47137 Berg- 162
- Marcus 47139 Sedan- 41
- Margarete 47178 Theißelmann- 11
- Margarete 47249 Bliersheimer- 12
- Margarete 47228 Ferdinand- 23
- Margarete 47057 Fraunhofer- 15
- Margarete 47178 Goerdeler- 39
- Margarete 47229 Hubertus- 2
- Margarete 47053 Johanniter- 125
- Margarete
47169 Mühlbachwinkel 40
- Margarete 47167 Veilchen- 11
- Margarete 47166 Weidmann- 9
- Margot 47057 Blumen- 20
- Margot 47057 Kammer- 212
- Margot 47226 Krefelder- 21
- Margot 47119 Eisenbahn- 24
- Margrit 47249 Peters- 84
- Maria 47259 Am Finkenacker 107
- Maria 47166 Am Zinkhüttenplatz 19
- Maria 47259 Brocken- 6
- Maria 47228 Essenberger
Kirchweg 11
- Maria 47226 Friedrich-Alfred- 117
- Maria 47139 Friedrich-Ebert- 321
- Maria 47169 Im Eickelkamp 66
- Maria 47229 Im Rosengarten 8
- Maria 47057 Kammer- 215
- Maria 47139 Kapellen- 57
- Maria 47137 Lösorter- 24
- Maria 47178 Oswald- 7
- Maria 47058 Prinz-Albrecht- 31
- Maria 47198 Preinheusen- 103
- Maria 47239 Rosen- 4
- Maria 47229 Roos- 93
- Maria 47137 Voß- 5
- Maria 47139 Walporzheimer- 59
- Maria 47059 Weidenweg 23
- Maria 47269 Weißdorn- 15
- Maria 47137 Weser- 53a
- Maria 47239 Wilhelm- 10
- Maria-Magdalena 47055 Fuchs- 81
- Marianne 47279 Allensteiner
Ring 29
- Marianne 47198 Friedrich-Ebert- 43
- Marianne 47137 Hollenberg- 15
- Marianne 47259 Im Ahrenfeld 31
- Marianne 47166 Jäger- 61
- Marianne 47137 Lohrer- 1
- Marianne 47119 Rhein- 59
- Marianne 47259 Zum Grind 73
- Marianne 47139 Friedrich-Ebert- 234
- Marion 47137 Bürgermeister-
Pütz- 95
- Marion 47179 Markt- 16
- Marion 47198 Saar- 57
- Marita 47051 Ulrich- 21
- Mark 47057 Lillencron- 1
- Markus 47138 Gelderblom- 66
Einwohner Namen-Teil
A-DU	Gewerbebetriebe/Dienstleister nach Namen – siehe gelber Teil
